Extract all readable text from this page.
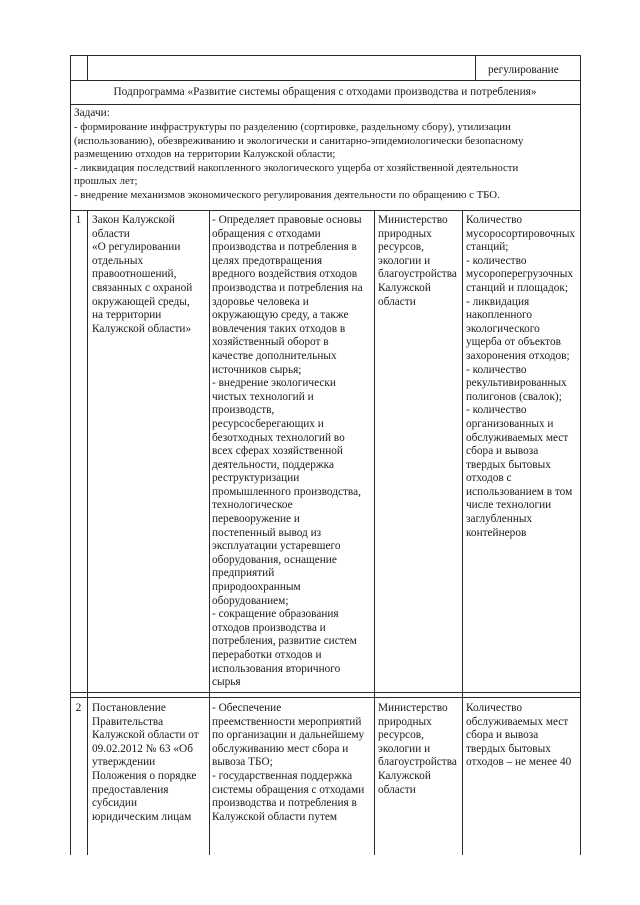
регулирование
Подпрограмма «Развитие системы обращения с отходами производства и потребления»
Задачи:
- формирование инфраструктуры по разделению (сортировке, раздельному сбору), утилизации
(использованию), обезвреживанию и экологически и санитарно-эпидемиологически безопасному
размещению отходов на территории Калужской области;
- ликвидация последствий накопленного экологического ущерба от хозяйственной деятельности
прошлых лет;
- внедрение механизмов экономического регулирования деятельности по обращению с ТБО.
1 Закон Калужской
области
«О регулировании
отдельных
правоотношений,
связанных с охраной
окружающей среды,
на территории
Калужской области»
- Определяет правовые основы
обращения с отходами
производства и потребления в
целях предотвращения
вредного воздействия отходов
производства и потребления на
здоровье человека и
окружающую среду, а также
вовлечения таких отходов в
хозяйственный оборот в
качестве дополнительных
источников сырья;
- внедрение экологически
чистых технологий и
производств,
ресурсосберегающих и
безотходных технологий во
всех сферах хозяйственной
деятельности, поддержка
реструктуризации
промышленного производства,
технологическое
перевооружение и
постепенный вывод из
эксплуатации устаревшего
оборудования, оснащение
предприятий
природоохранным
оборудованием;
- сокращение образования
отходов производства и
потребления, развитие систем
переработки отходов и
использования вторичного
сырья
Министерство
природных
ресурсов,
экологии и
благоустройства
Калужской
области
Количество
мусоросортировочных
станций;
- количество
мусороперегрузочных
станций и площадок;
- ликвидация
накопленного
экологического
ущерба от объектов
захоронения отходов;
- количество
рекультивированных
полигонов (свалок);
- количество
организованных и
обслуживаемых мест
сбора и вывоза
твердых бытовых
отходов с
использованием в том
числе технологии
заглубленных
контейнеров
2 Постановление
Правительства
Калужской области от
09.02.2012 № 63 «Об
утверждении
Положения о порядке
предоставления
субсидии
юридическим лицам
- Обеспечение
преемственности мероприятий
по организации и дальнейшему
обслуживанию мест сбора и
вывоза ТБО;
- государственная поддержка
системы обращения с отходами
производства и потребления в
Калужской области путем
Министерство
природных
ресурсов,
экологии и
благоустройства
Калужской
области
Количество
обслуживаемых мест
сбора и вывоза
твердых бытовых
отходов – не менее 40
